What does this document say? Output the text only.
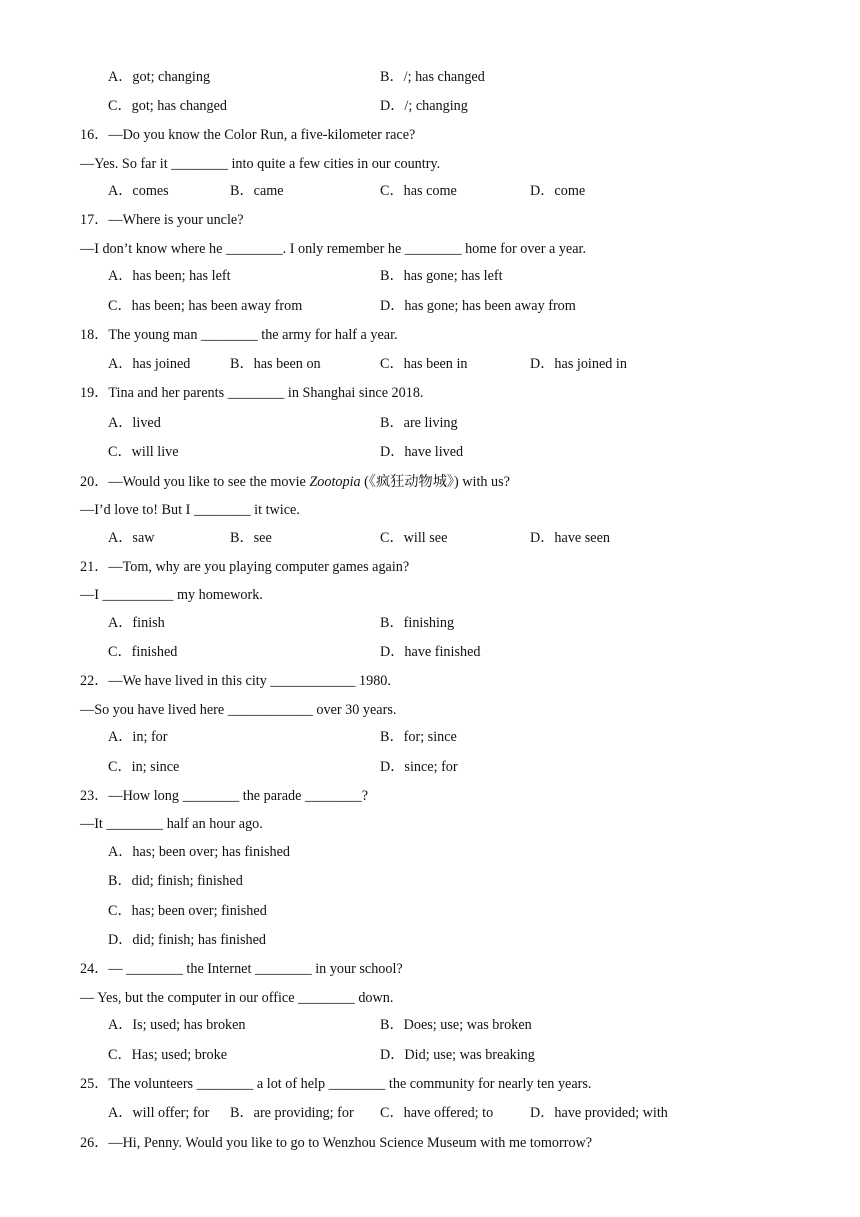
A．got; changing	B．/; has changed
C．got; has changed	D．/; changing
16．—Do you know the Color Run, a five-kilometer race?
—Yes. So far it ________ into quite a few cities in our country.
A．comes	B．came	C．has come	D．come
17．—Where is your uncle?
—I don’t know where he ________. I only remember he ________ home for over a year.
A．has been; has left	B．has gone; has left
C．has been; has been away from	D．has gone; has been away from
18．The young man ________ the army for half a year.
A．has joined	B．has been on	C．has been in	D．has joined in
19．Tina and her parents ________ in Shanghai since 2018.
A．lived	B．are living
C．will live	D．have lived
20．—Would you like to see the movie Zootopia (《疯狂动物城》) with us?
—I’d love to! But I ________ it twice.
A．saw	B．see	C．will see	D．have seen
21．—Tom, why are you playing computer games again?
—I __________ my homework.
A．finish	B．finishing
C．finished	D．have finished
22．—We have lived in this city ____________ 1980.
—So you have lived here ____________ over 30 years.
A．in; for	B．for; since
C．in; since	D．since; for
23．—How long ________ the parade ________?
—It ________ half an hour ago.
A．has; been over; has finished
B．did; finish; finished
C．has; been over; finished
D．did; finish; has finished
24．— ________ the Internet ________ in your school?
— Yes, but the computer in our office ________ down.
A．Is; used; has broken	B．Does; use; was broken
C．Has; used; broke	D．Did; use; was breaking
25．The volunteers ________ a lot of help ________ the community for nearly ten years.
A．will offer; for B．are providing; for C．have offered; to	D．have provided; with
26．—Hi, Penny. Would you like to go to Wenzhou Science Museum with me tomorrow?
